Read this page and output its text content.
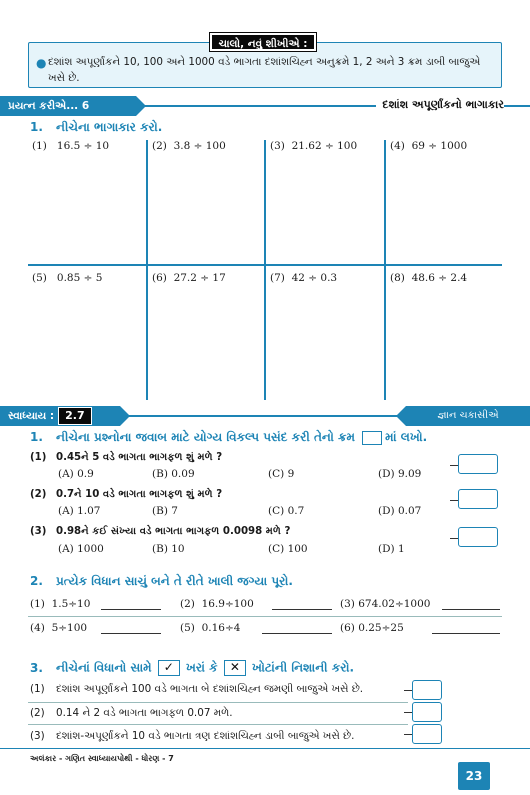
ચાલો, નવું શીખીએ :
● દશાંશ અપૂર્ણાંકને 10, 100 અને 1000 વડે ભાગતા દશાંશચિહ્ન અનુક્રમે 1, 2 અને 3 ક્રમ ડાબી બાજુએ ખસે છે.
પ્રયત્ન કરીએ... 6	દશાંશ અપૂર્ણાંકનો ભાગાકાર
1. નીચેના ભાગાકાર કરો.
(1) 16.5 ÷ 10	(2) 3.8 ÷ 100	(3) 21.62 ÷ 100	(4) 69 ÷ 1000
(5) 0.85 ÷ 5	(6) 27.2 ÷ 17	(7) 42 ÷ 0.3	(8) 48.6 ÷ 2.4
સ્વાધ્યાય : 2.7	જ્ઞાન ચકાસીએ
1. નીચેના પ્રશ્નોના જવાબ માટે યોગ્ય વિકલ્પ પસંદ કરી તેનો ક્રમ	માં લખો.
(1) 0.45ને 5 વડે ભાગતા ભાગફળ શું મળે ?
(A) 0.9	(B) 0.09	(C) 9	(D) 9.09
(2) 0.7ને 10 વડે ભાગતા ભાગફળ શું મળે ?
(A) 1.07	(B) 7	(C) 0.7	(D) 0.07
(3) 0.98ને કઈ સંખ્યા વડે ભાગતા ભાગફળ 0.0098 મળે ?
(A) 1000	(B) 10	(C) 100	(D) 1
2. પ્રત્યેક વિધાન સાચું બને તે રીતે ખાલી જગ્યા પૂરો.
(1) 1.5÷10	(2) 16.9÷100	(3) 674.02÷1000
(4) 5÷100	(5) 0.16÷4	(6) 0.25÷25
3. નીચેનાં વિધાનો સામે ✓ ખરાં કે ✕ ખોટાંની નિશાની કરો.
(1) દશાંશ અપૂર્ણાંકને 100 વડે ભાગતા બે દશાંશચિહ્ન જમણી બાજુએ ખસે છે.
(2) 0.14 ને 2 વડે ભાગતા ભાગફળ 0.07 મળે.
(3) દશાંશ-અપૂર્ણાંકને 10 વડે ભાગતા ત્રણ દશાંશચિહ્ન ડાબી બાજુએ ખસે છે.
અલંકાર - ગણિત સ્વાધ્યાયપોથી - ધોરણ - 7
23
